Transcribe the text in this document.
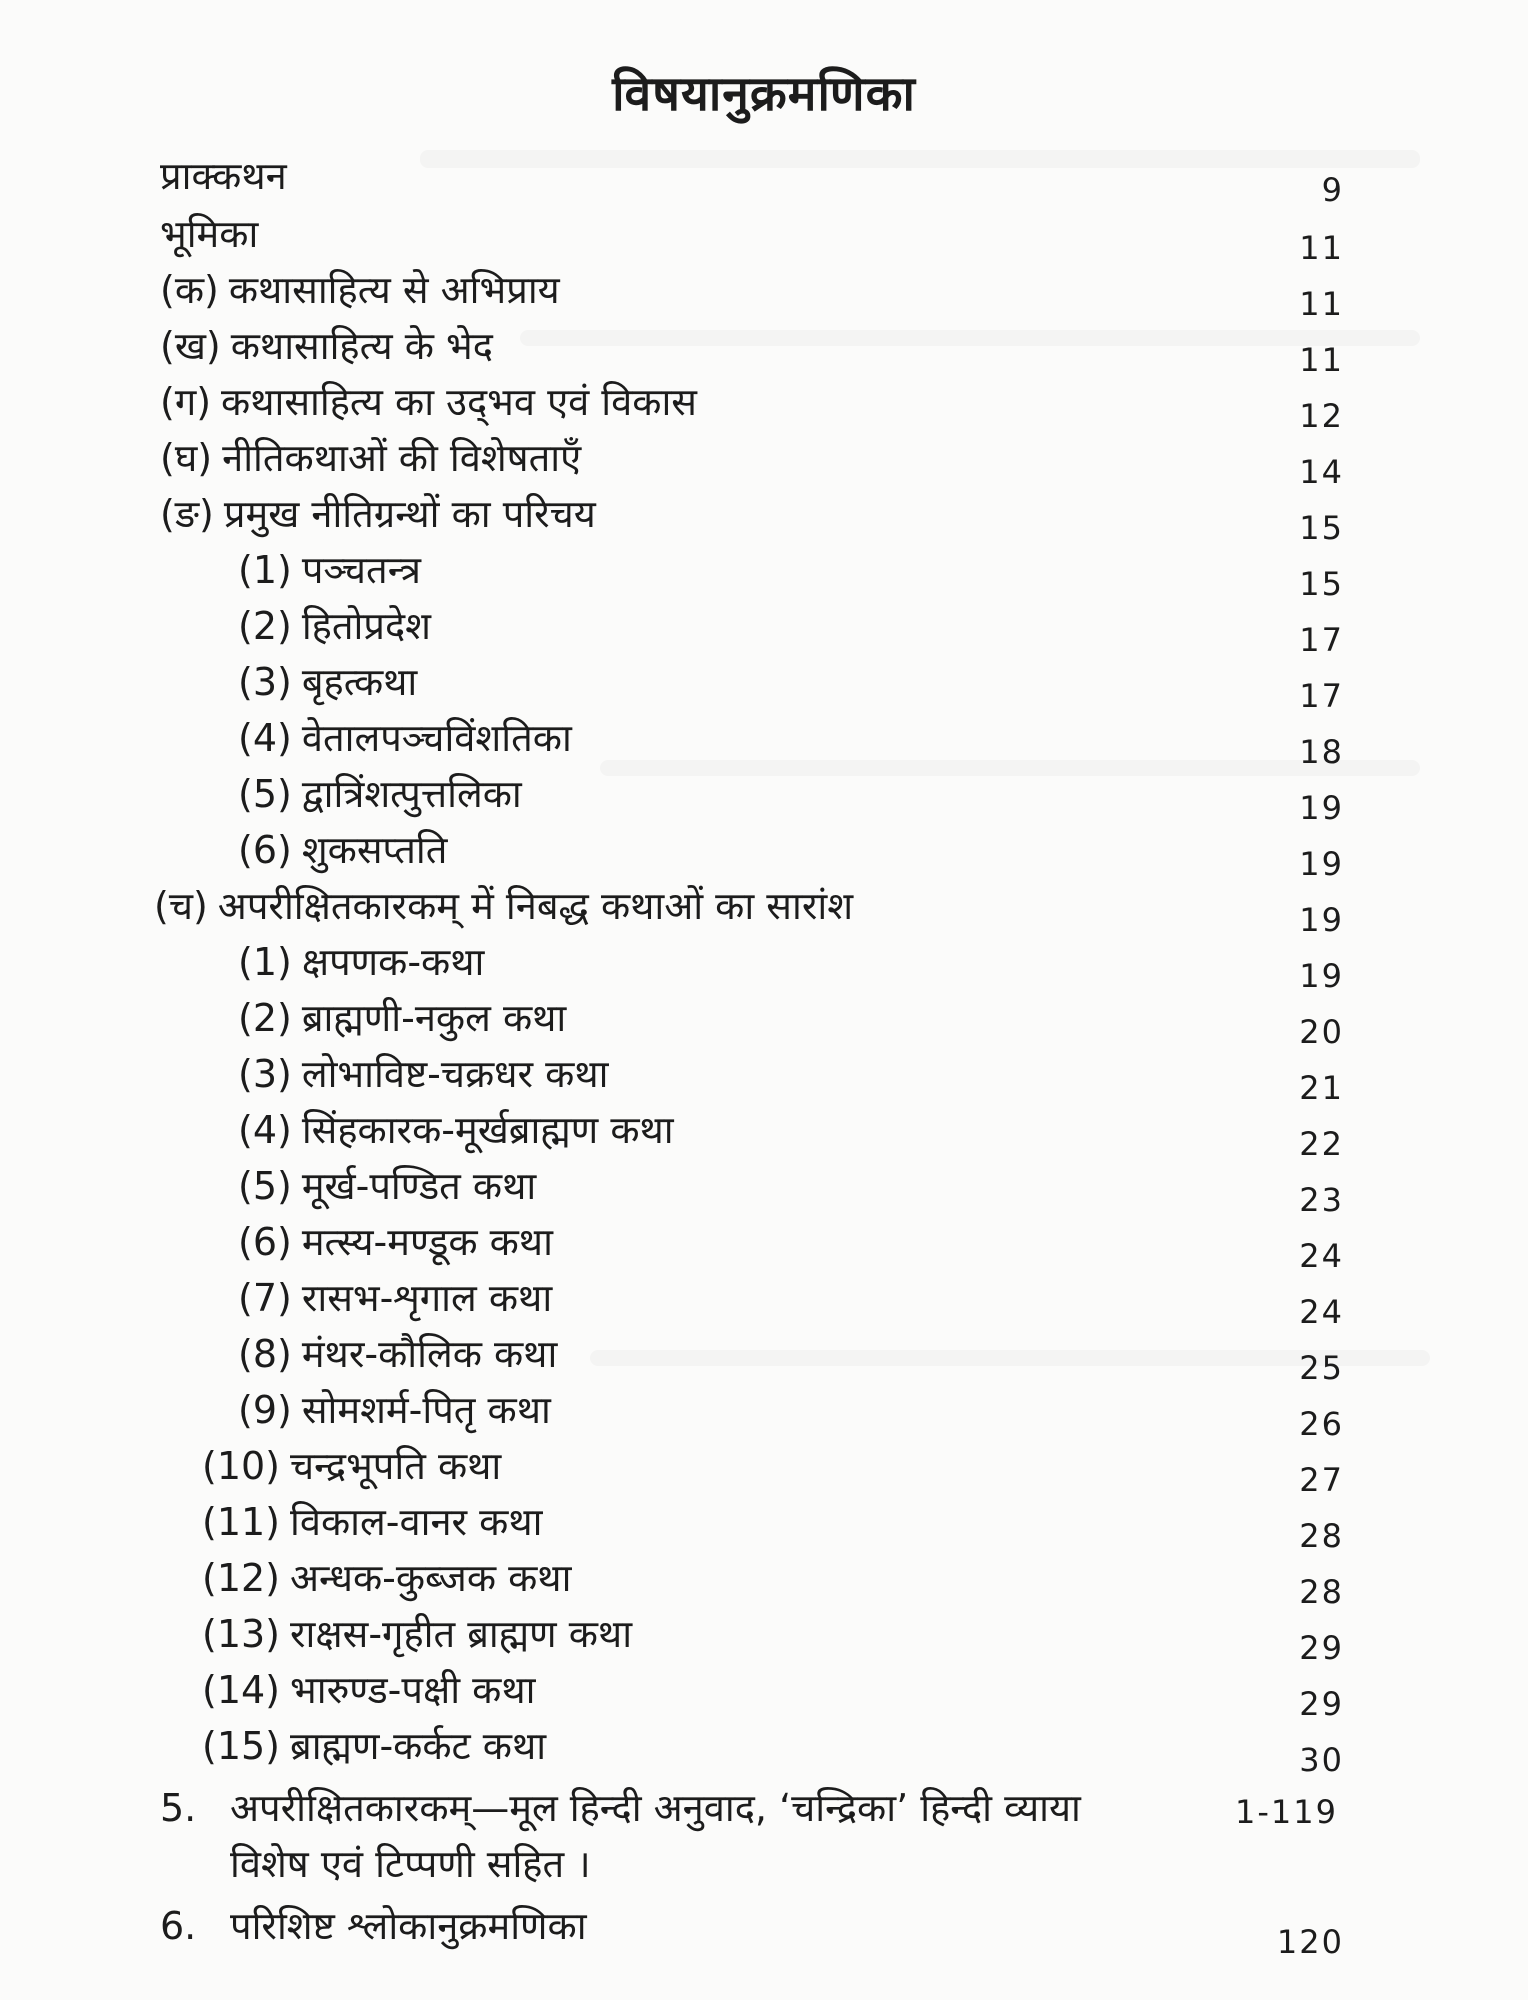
विषयानुक्रमणिका
प्राक्कथन	9
भूमिका	11
(क) कथासाहित्य से अभिप्राय	11
(ख) कथासाहित्य के भेद	11
(ग) कथासाहित्य का उद्‌भव एवं विकास	12
(घ) नीतिकथाओं की विशेषताएँ	14
(ङ) प्रमुख नीतिग्रन्थों का परिचय	15
(1) पञ्चतन्त्र	15
(2) हितोप्रदेश	17
(3) बृहत्कथा	17
(4) वेतालपञ्चविंशतिका	18
(5) द्वात्रिंशत्पुत्तलिका	19
(6) शुकसप्तति	19
(च) अपरीक्षितकारकम् में निबद्ध कथाओं का सारांश	19
(1) क्षपणक-कथा	19
(2) ब्राह्मणी-नकुल कथा	20
(3) लोभाविष्ट-चक्रधर कथा	21
(4) सिंहकारक-मूर्खब्राह्मण कथा	22
(5) मूर्ख-पण्डित कथा	23
(6) मत्स्य-मण्डूक कथा	24
(7) रासभ-शृगाल कथा	24
(8) मंथर-कौलिक कथा	25
(9) सोमशर्म-पितृ कथा	26
(10) चन्द्रभूपति कथा	27
(11) विकाल-वानर कथा	28
(12) अन्धक-कुब्जक कथा	28
(13) राक्षस-गृहीत ब्राह्मण कथा	29
(14) भारुण्ड-पक्षी कथा	29
(15) ब्राह्मण-कर्कट कथा	30
5. अपरीक्षितकारकम्—मूल हिन्दी अनुवाद, ‘चन्द्रिका’ हिन्दी व्याया	1-119
विशेष एवं टिप्पणी सहित ।
6. परिशिष्ट श्लोकानुक्रमणिका	120
